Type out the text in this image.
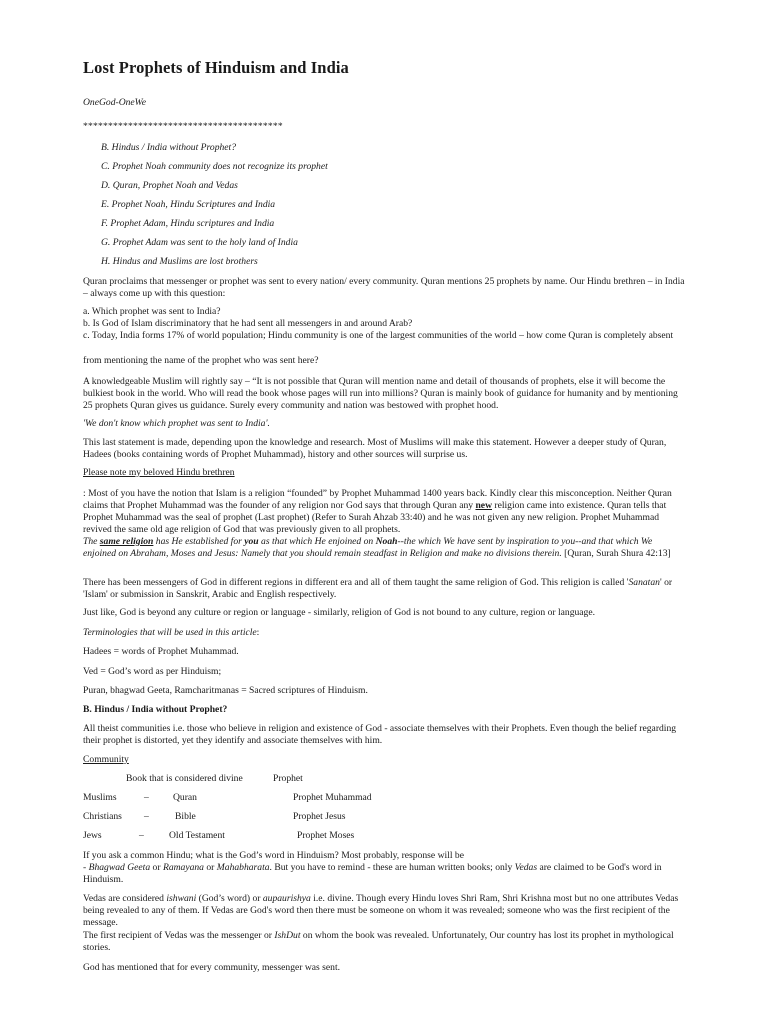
Lost Prophets of Hinduism and India

OneGod-OneWe

****************************************

B. Hindus / India without Prophet?

C. Prophet Noah community does not recognize its prophet

D. Quran, Prophet Noah and Vedas

E. Prophet Noah, Hindu Scriptures and India

F. Prophet Adam, Hindu scriptures and India

G. Prophet Adam was sent to the holy land of India

H. Hindus and Muslims are lost brothers

Quran proclaims that messenger or prophet was sent to every nation/ every community. Quran mentions 25 prophets by name. Our Hindu brethren – in India – always come up with this question:

a. Which prophet was sent to India?

b. Is God of Islam discriminatory that he had sent all messengers in and around Arab?

c. Today, India forms 17% of world population; Hindu community is one of the largest communities of the world – how come Quran is completely absent

from mentioning the name of the prophet who was sent here?

A knowledgeable Muslim will rightly say – “It is not possible that Quran will mention name and detail of thousands of prophets, else it will become the bulkiest book in the world. Who will read the book whose pages will run into millions? Quran is mainly book of guidance for humanity and by mentioning 25 prophets Quran gives us guidance. Surely every community and nation was bestowed with prophet hood.

'We don't know which prophet was sent to India'.

This last statement is made, depending upon the knowledge and research. Most of Muslims will make this statement. However a deeper study of Quran, Hadees (books containing words of Prophet Muhammad), history and other sources will surprise us.

Please note my beloved Hindu brethren

: Most of you have the notion that Islam is a religion “founded” by Prophet Muhammad 1400 years back. Kindly clear this misconception. Neither Quran claims that Prophet Muhammad was the founder of any religion nor God says that through Quran any new religion came into existence. Quran tells that Prophet Muhammad was the seal of prophet (Last prophet) (Refer to Surah Ahzab 33:40) and he was not given any new religion. Prophet Muhammad revived the same old age religion of God that was previously given to all prophets.

The same religion has He established for you as that which He enjoined on Noah--the which We have sent by inspiration to you--and that which We enjoined on Abraham, Moses and Jesus: Namely that you should remain steadfast in Religion and make no divisions therein. [Quran, Surah Shura 42:13]

There has been messengers of God in different regions in different era and all of them taught the same religion of God. This religion is called 'Sanatan' or 'Islam' or submission in Sanskrit, Arabic and English respectively.

Just like, God is beyond any culture or region or language - similarly, religion of God is not bound to any culture, region or language.

Terminologies that will be used in this article:

Hadees = words of Prophet Muhammad.

Ved = God’s word as per Hinduism;

Puran, bhagwad Geeta, Ramcharitmanas = Sacred scriptures of Hinduism.

B. Hindus / India without Prophet?

All theist communities i.e. those who believe in religion and existence of God - associate themselves with their Prophets. Even though the belief regarding their prophet is distorted, yet they identify and associate themselves with him.

Community
Book that is considered divine	Prophet
Muslims	–	Quran	Prophet Muhammad
Christians –	Bible	Prophet Jesus
Jews	–	Old Testament	Prophet Moses

If you ask a common Hindu; what is the God’s word in Hinduism? Most probably, response will be
- Bhagwad Geeta or Ramayana or Mahabharata. But you have to remind - these are human written books; only Vedas are claimed to be God's word in Hinduism.

Vedas are considered ishwani (God’s word) or aupaurishya i.e. divine. Though every Hindu loves Shri Ram, Shri Krishna most but no one attributes Vedas being revealed to any of them. If Vedas are God's word then there must be someone on whom it was revealed; someone who was the first recipient of the message.

The first recipient of Vedas was the messenger or IshDut on whom the book was revealed. Unfortunately, Our country has lost its prophet in mythological stories.

God has mentioned that for every community, messenger was sent.
